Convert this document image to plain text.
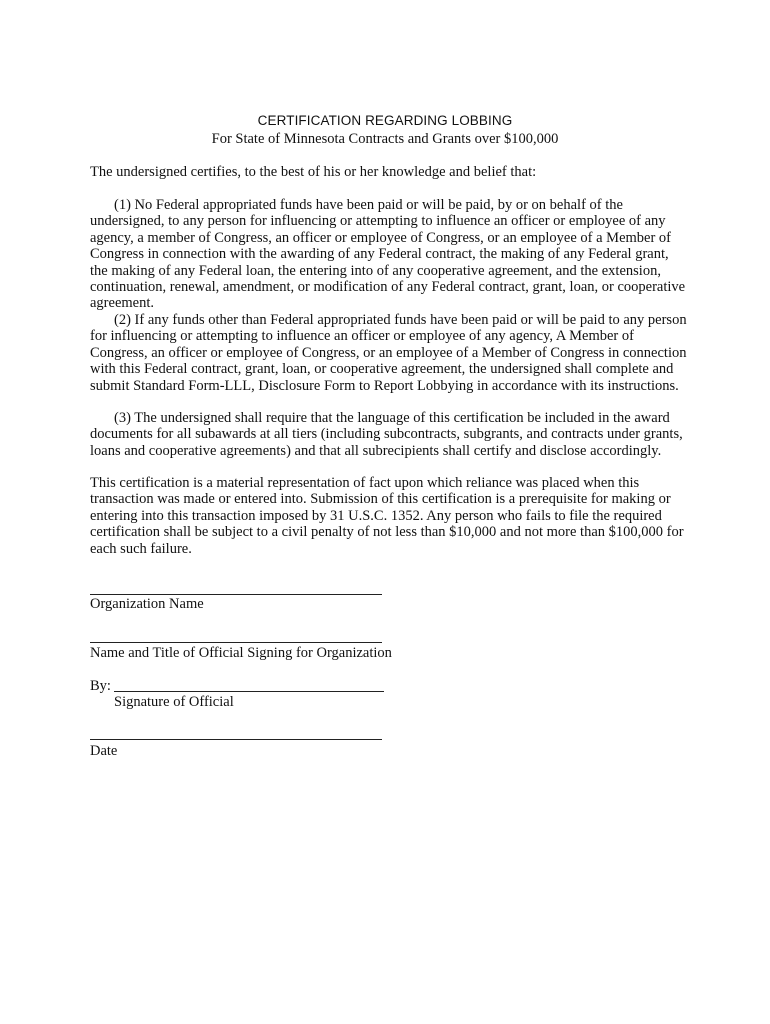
CERTIFICATION REGARDING LOBBING
For State of Minnesota Contracts and Grants over $100,000
The undersigned certifies, to the best of his or her knowledge and belief that:
(1) No Federal appropriated funds have been paid or will be paid, by or on behalf of the undersigned, to any person for influencing or attempting to influence an officer or employee of any agency, a member of Congress, an officer or employee of Congress, or an employee of a Member of Congress in connection with the awarding of any Federal contract, the making of any Federal grant, the making of any Federal loan, the entering into of any cooperative agreement, and the extension, continuation, renewal, amendment, or modification of any Federal contract, grant, loan, or cooperative agreement.
(2) If any funds other than Federal appropriated funds have been paid or will be paid to any person for influencing or attempting to influence an officer or employee of any agency, A Member of Congress, an officer or employee of Congress, or an employee of a Member of Congress in connection with this Federal contract, grant, loan, or cooperative agreement, the undersigned shall complete and submit Standard Form-LLL, Disclosure Form to Report Lobbying in accordance with its instructions.
(3) The undersigned shall require that the language of this certification be included in the award documents for all subawards at all tiers (including subcontracts, subgrants, and contracts under grants, loans and cooperative agreements) and that all subrecipients shall certify and disclose accordingly.
This certification is a material representation of fact upon which reliance was placed when this transaction was made or entered into. Submission of this certification is a prerequisite for making or entering into this transaction imposed by 31 U.S.C. 1352. Any person who fails to file the required certification shall be subject to a civil penalty of not less than $10,000 and not more than $100,000 for each such failure.
Organization Name
Name and Title of Official Signing for Organization
By:
Signature of Official
Date
